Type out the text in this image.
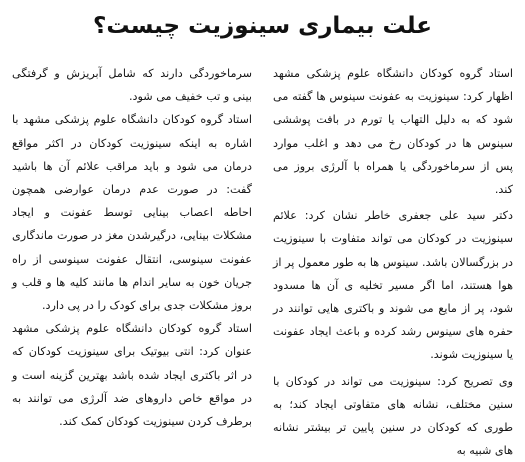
علت بیماری سینوزیت چیست؟

استاد گروه کودکان دانشگاه علوم پزشکی مشهد اظهار کرد: سینوزیت به عفونت سینوس ها گفته می شود که به دلیل التهاب یا تورم در بافت پوششی سینوس ها در کودکان رخ می دهد و اغلب موارد پس از سرماخوردگی یا همراه با آلرژی بروز می کند.

دکتر سید علی جعفری خاطر نشان کرد: علائم سینوزیت در کودکان می تواند متفاوت با سینوزیت در بزرگسالان باشد. سینوس ها به طور معمول پر از هوا هستند، اما اگر مسیر تخلیه ی آن ها مسدود شود، پر از مایع می شوند و باکتری هایی توانند در حفره های سینوس رشد کرده و باعث ایجاد عفونت یا سینوزیت شوند.

وی تصریح کرد: سینوزیت می تواند در کودکان با سنین مختلف، نشانه های متفاوتی ایجاد کند؛ به طوری که کودکان در سنین پایین تر بیشتر نشانه های شبیه به

سرماخوردگی دارند که شامل آبریزش و گرفتگی بینی و تب خفیف می شود.

استاد گروه کودکان دانشگاه علوم پزشکی مشهد با اشاره به اینکه سینوزیت کودکان در اکثر مواقع درمان می شود و باید مراقب علائم آن ها باشید گفت: در صورت عدم درمان عوارضی همچون احاطه اعصاب بینایی توسط عفونت و ایجاد مشکلات بینایی، درگیرشدن مغز در صورت ماندگاری عفونت سینوسی، انتقال عفونت سینوسی از راه جریان خون به سایر اندام ها مانند کلیه ها و قلب و بروز مشکلات جدی برای کودک را در پی دارد.

استاد گروه کودکان دانشگاه علوم پزشکی مشهد عنوان کرد: انتی بیوتیک برای سینوزیت کودکان که در اثر باکتری ایجاد شده باشد بهترین گزینه است و در مواقع خاص داروهای ضد آلرژی می توانند به برطرف کردن سینوزیت کودکان کمک کند.
